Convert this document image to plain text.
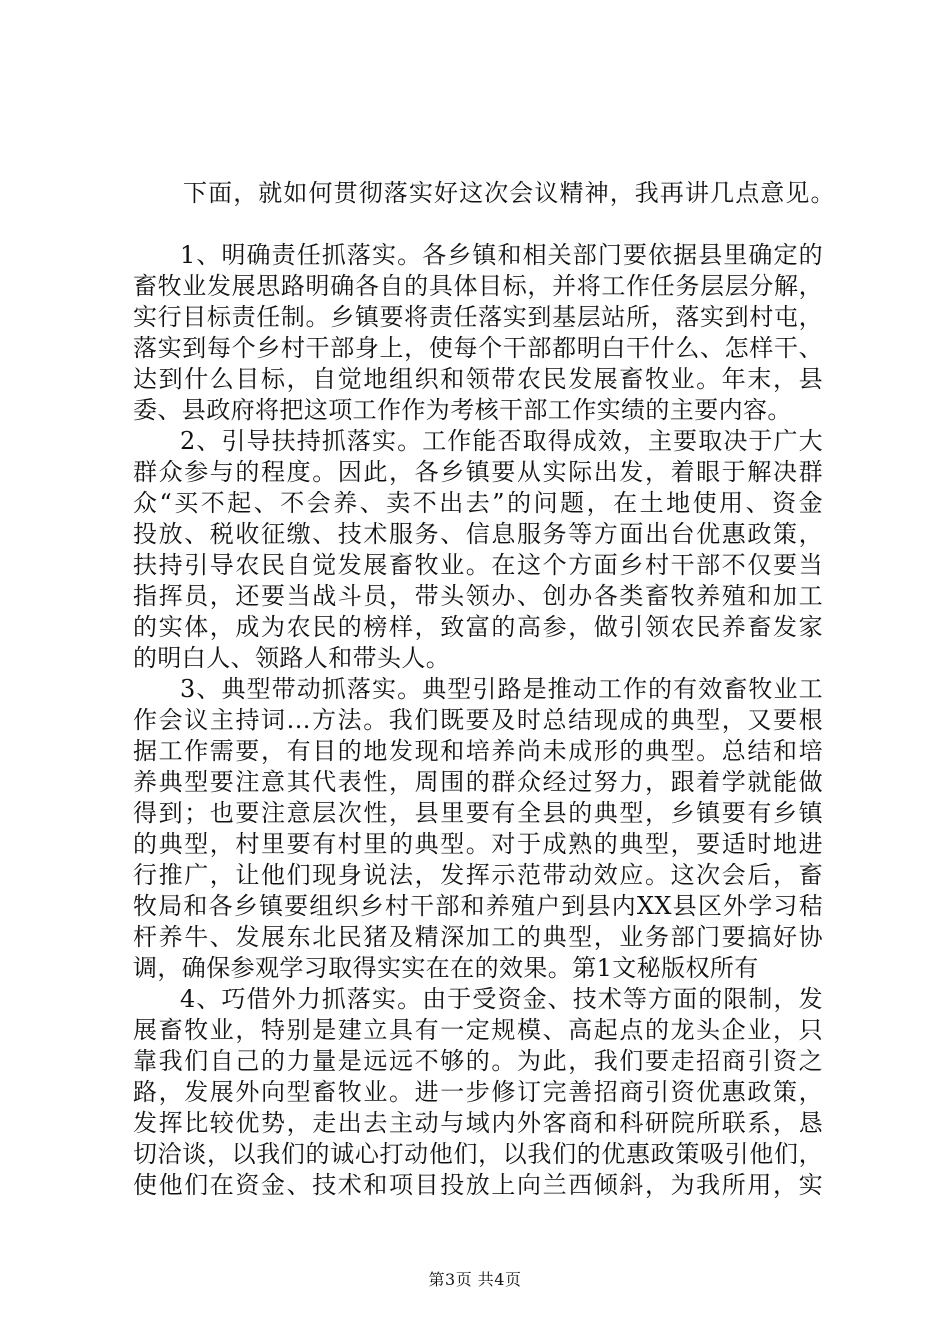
下面，就如何贯彻落实好这次会议精神，我再讲几点意见。
1、明确责任抓落实。各乡镇和相关部门要依据县里确定的
畜牧业发展思路明确各自的具体目标，并将工作任务层层分解，
实行目标责任制。乡镇要将责任落实到基层站所，落实到村屯，
落实到每个乡村干部身上，使每个干部都明白干什么、怎样干、
达到什么目标，自觉地组织和领带农民发展畜牧业。年末，县
委、县政府将把这项工作作为考核干部工作实绩的主要内容。
2、引导扶持抓落实。工作能否取得成效，主要取决于广大
群众参与的程度。因此，各乡镇要从实际出发，着眼于解决群
众“买不起、不会养、卖不出去”的问题，在土地使用、资金
投放、税收征缴、技术服务、信息服务等方面出台优惠政策，
扶持引导农民自觉发展畜牧业。在这个方面乡村干部不仅要当
指挥员，还要当战斗员，带头领办、创办各类畜牧养殖和加工
的实体，成为农民的榜样，致富的高参，做引领农民养畜发家
的明白人、领路人和带头人。
3、典型带动抓落实。典型引路是推动工作的有效畜牧业工
作会议主持词...方法。我们既要及时总结现成的典型，又要根
据工作需要，有目的地发现和培养尚未成形的典型。总结和培
养典型要注意其代表性，周围的群众经过努力，跟着学就能做
得到；也要注意层次性，县里要有全县的典型，乡镇要有乡镇
的典型，村里要有村里的典型。对于成熟的典型，要适时地进
行推广，让他们现身说法，发挥示范带动效应。这次会后，畜
牧局和各乡镇要组织乡村干部和养殖户到县内XX县区外学习秸
杆养牛、发展东北民猪及精深加工的典型，业务部门要搞好协
调，确保参观学习取得实实在在的效果。第1文秘版权所有
4、巧借外力抓落实。由于受资金、技术等方面的限制，发
展畜牧业，特别是建立具有一定规模、高起点的龙头企业，只
靠我们自己的力量是远远不够的。为此，我们要走招商引资之
路，发展外向型畜牧业。进一步修订完善招商引资优惠政策，
发挥比较优势，走出去主动与域内外客商和科研院所联系，恳
切洽谈，以我们的诚心打动他们，以我们的优惠政策吸引他们，
使他们在资金、技术和项目投放上向兰西倾斜，为我所用，实
第3页 共4页
